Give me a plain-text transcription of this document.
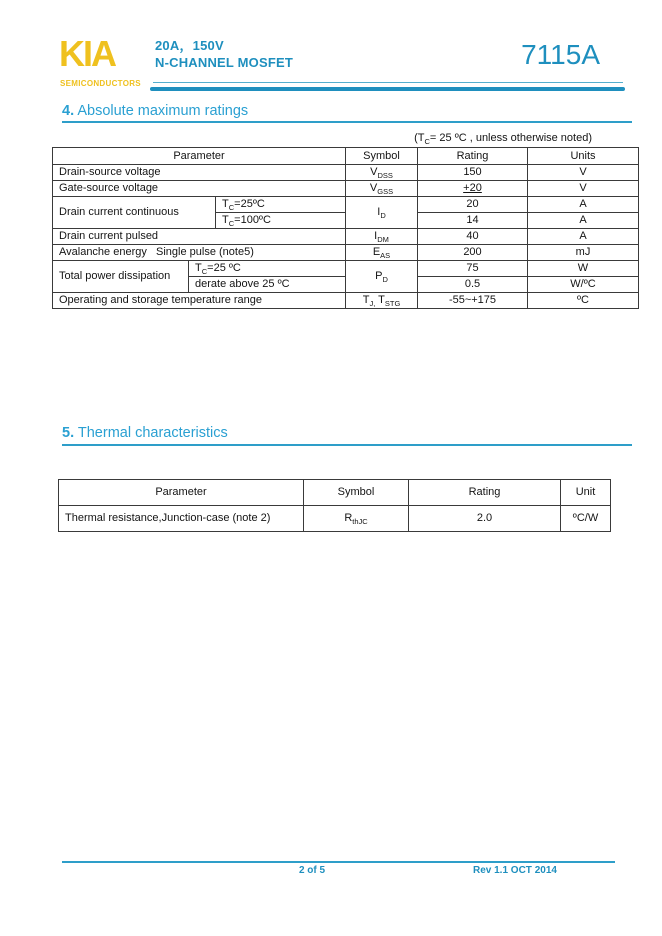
KIA
SEMICONDUCTORS
20A，150V
N-CHANNEL MOSFET	7115A
4. Absolute maximum ratings
($T_C= 25$ ºC , unless otherwise noted)
Parameter			Symbol	Rating	Units
Drain-source voltage			$V_{DSS}$	150	V
Gate-source voltage			$V_{GSS}$	+20	V
Drain current continuous		$T_C=25ºC$	$I_D$	20	A
		$T_C=100ºC$		14	A
Drain current pulsed			$I_{DM}$	40	A
Avalanche energy   Single pulse (note5)			$E_{AS}$	200	mJ
Total power dissipation	$T_C=25$ ºC		$P_D$	75	W
	derate above 25 ºC			0.5	W/ºC
Operating and storage temperature range			$T_{J,}$ $T_{STG}$	-55~+175	ºC
5. Thermal characteristics
Parameter	Symbol	Rating	Unit
Thermal resistance,Junction-case (note 2)	$R_{thJC}$	2.0	ºC/W
2 of 5	Rev 1.1 OCT 2014
